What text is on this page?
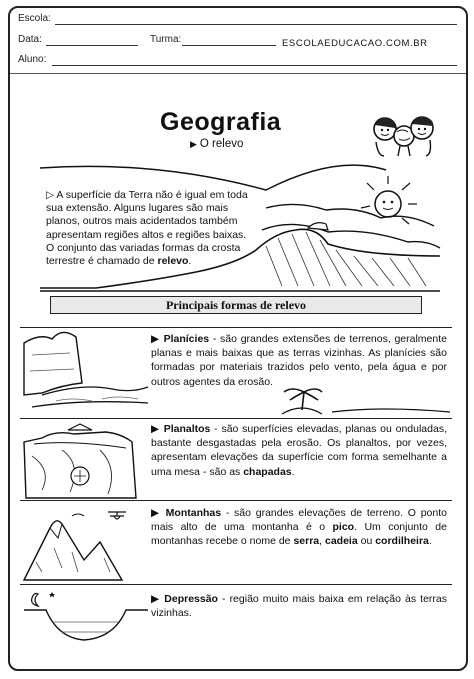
Escola:
Data:	Turma:	ESCOLAEDUCACAO.COM.BR
Aluno:
Geografia
▶ O relevo
▷ A superfície da Terra não é igual em toda sua extensão. Alguns lugares são mais planos, outros mais acidentados também apresentam regiões altos e regiões baixas. O conjunto das variadas formas da crosta terrestre é chamado de relevo.
Principais formas de relevo
▶ Planícies - são grandes extensões de terrenos, geralmente planas e mais baixas que as terras vizinhas. As planícies são formadas por materiais trazidos pelo vento, pela água e por outros agentes da erosão.
▶ Planaltos - são superfícies elevadas, planas ou onduladas, bastante desgastadas pela erosão. Os planaltos, por vezes, apresentam elevações da superfície com forma semelhante a uma mesa - são as chapadas.
▶ Montanhas - são grandes elevações de terreno. O ponto mais alto de uma montanha é o pico. Um conjunto de montanhas recebe o nome de serra, cadeia ou cordilheira.
▶ Depressão - região muito mais baixa em relação às terras vizinhas.
